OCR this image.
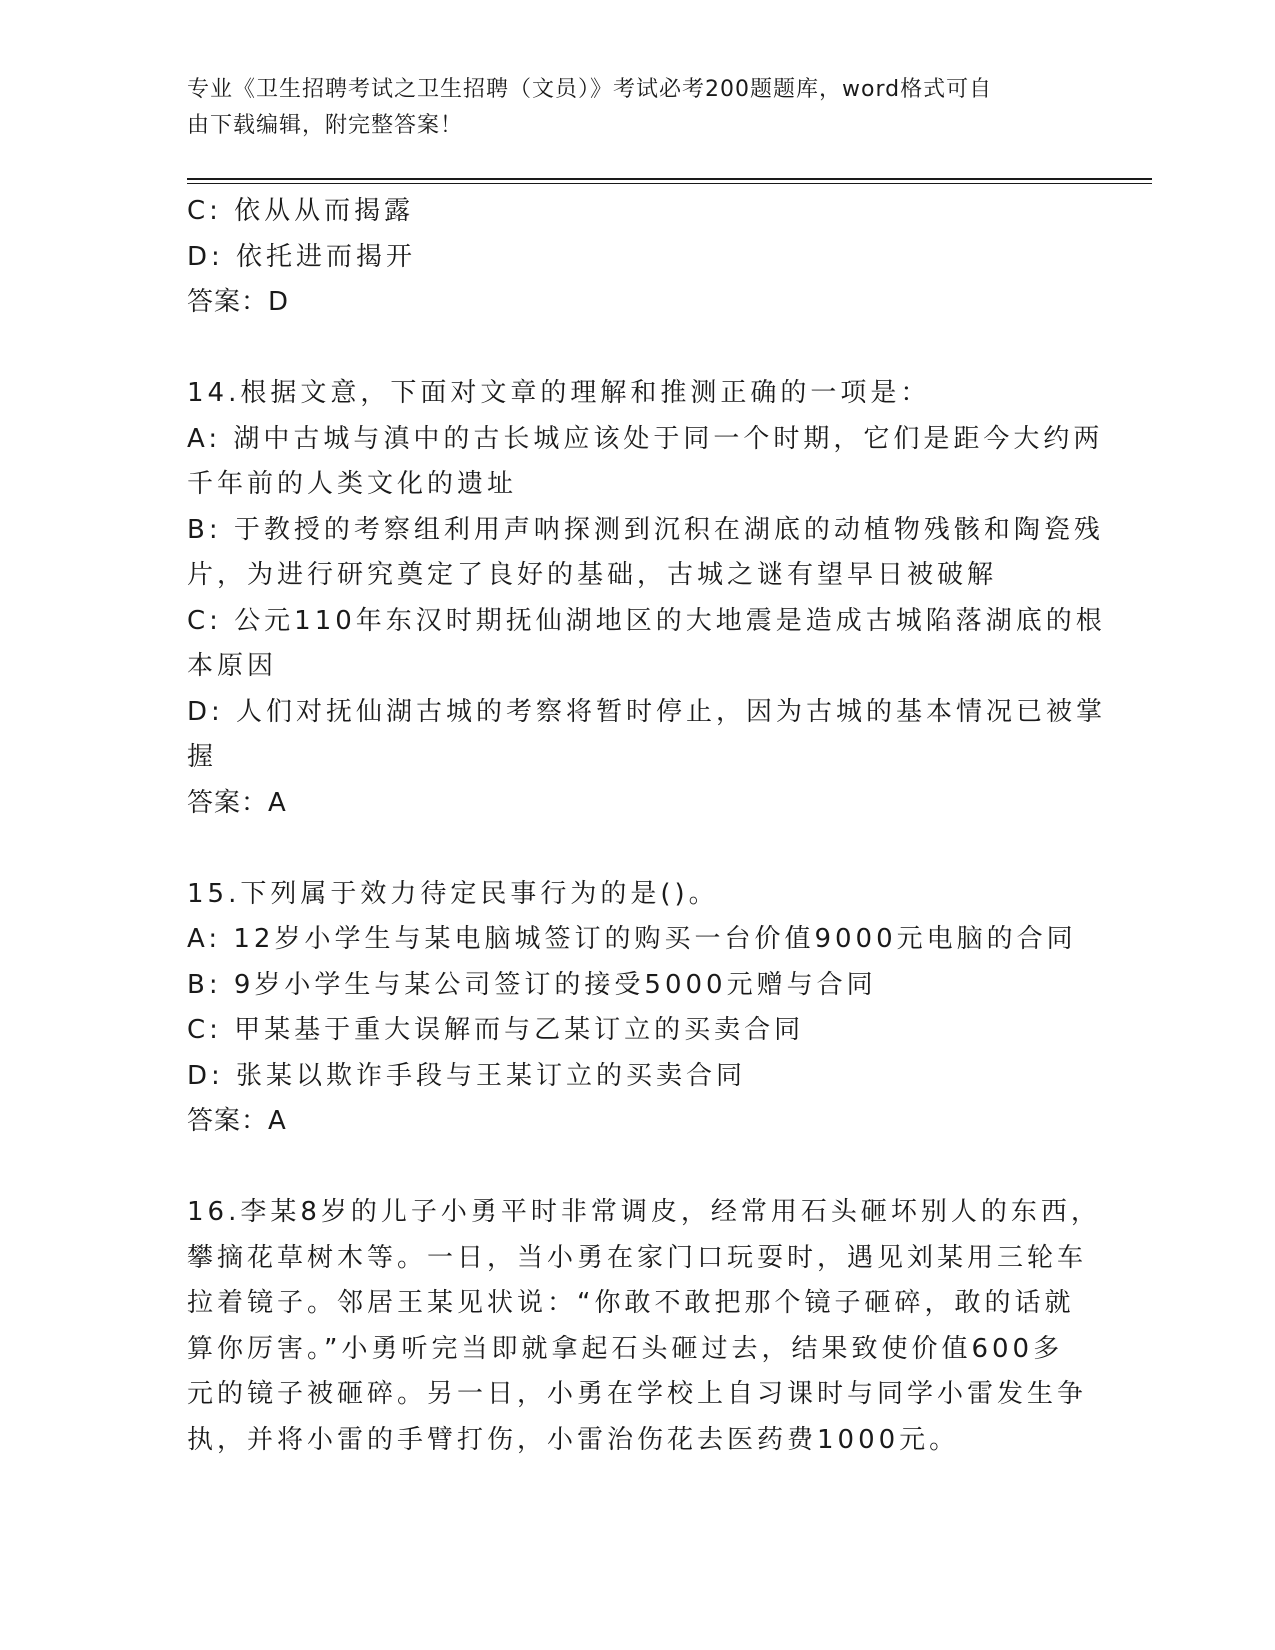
专业《卫生招聘考试之卫生招聘（文员）》考试必考200题题库，word格式可自
由下载编辑，附完整答案！
C: 依从从而揭露
D: 依托进而揭开
答案：D
14.根据文意，下面对文章的理解和推测正确的一项是：
A: 湖中古城与滇中的古长城应该处于同一个时期，它们是距今大约两
千年前的人类文化的遗址
B: 于教授的考察组利用声呐探测到沉积在湖底的动植物残骸和陶瓷残
片，为进行研究奠定了良好的基础，古城之谜有望早日被破解
C: 公元110年东汉时期抚仙湖地区的大地震是造成古城陷落湖底的根
本原因
D: 人们对抚仙湖古城的考察将暂时停止，因为古城的基本情况已被掌
握
答案：A
15.下列属于效力待定民事行为的是()。
A: 12岁小学生与某电脑城签订的购买一台价值9000元电脑的合同
B: 9岁小学生与某公司签订的接受5000元赠与合同
C: 甲某基于重大误解而与乙某订立的买卖合同
D: 张某以欺诈手段与王某订立的买卖合同
答案：A
16.李某8岁的儿子小勇平时非常调皮，经常用石头砸坏别人的东西，
攀摘花草树木等。一日，当小勇在家门口玩耍时，遇见刘某用三轮车
拉着镜子。邻居王某见状说：“你敢不敢把那个镜子砸碎，敢的话就
算你厉害。”小勇听完当即就拿起石头砸过去，结果致使价值600多
元的镜子被砸碎。另一日，小勇在学校上自习课时与同学小雷发生争
执，并将小雷的手臂打伤，小雷治伤花去医药费1000元。
